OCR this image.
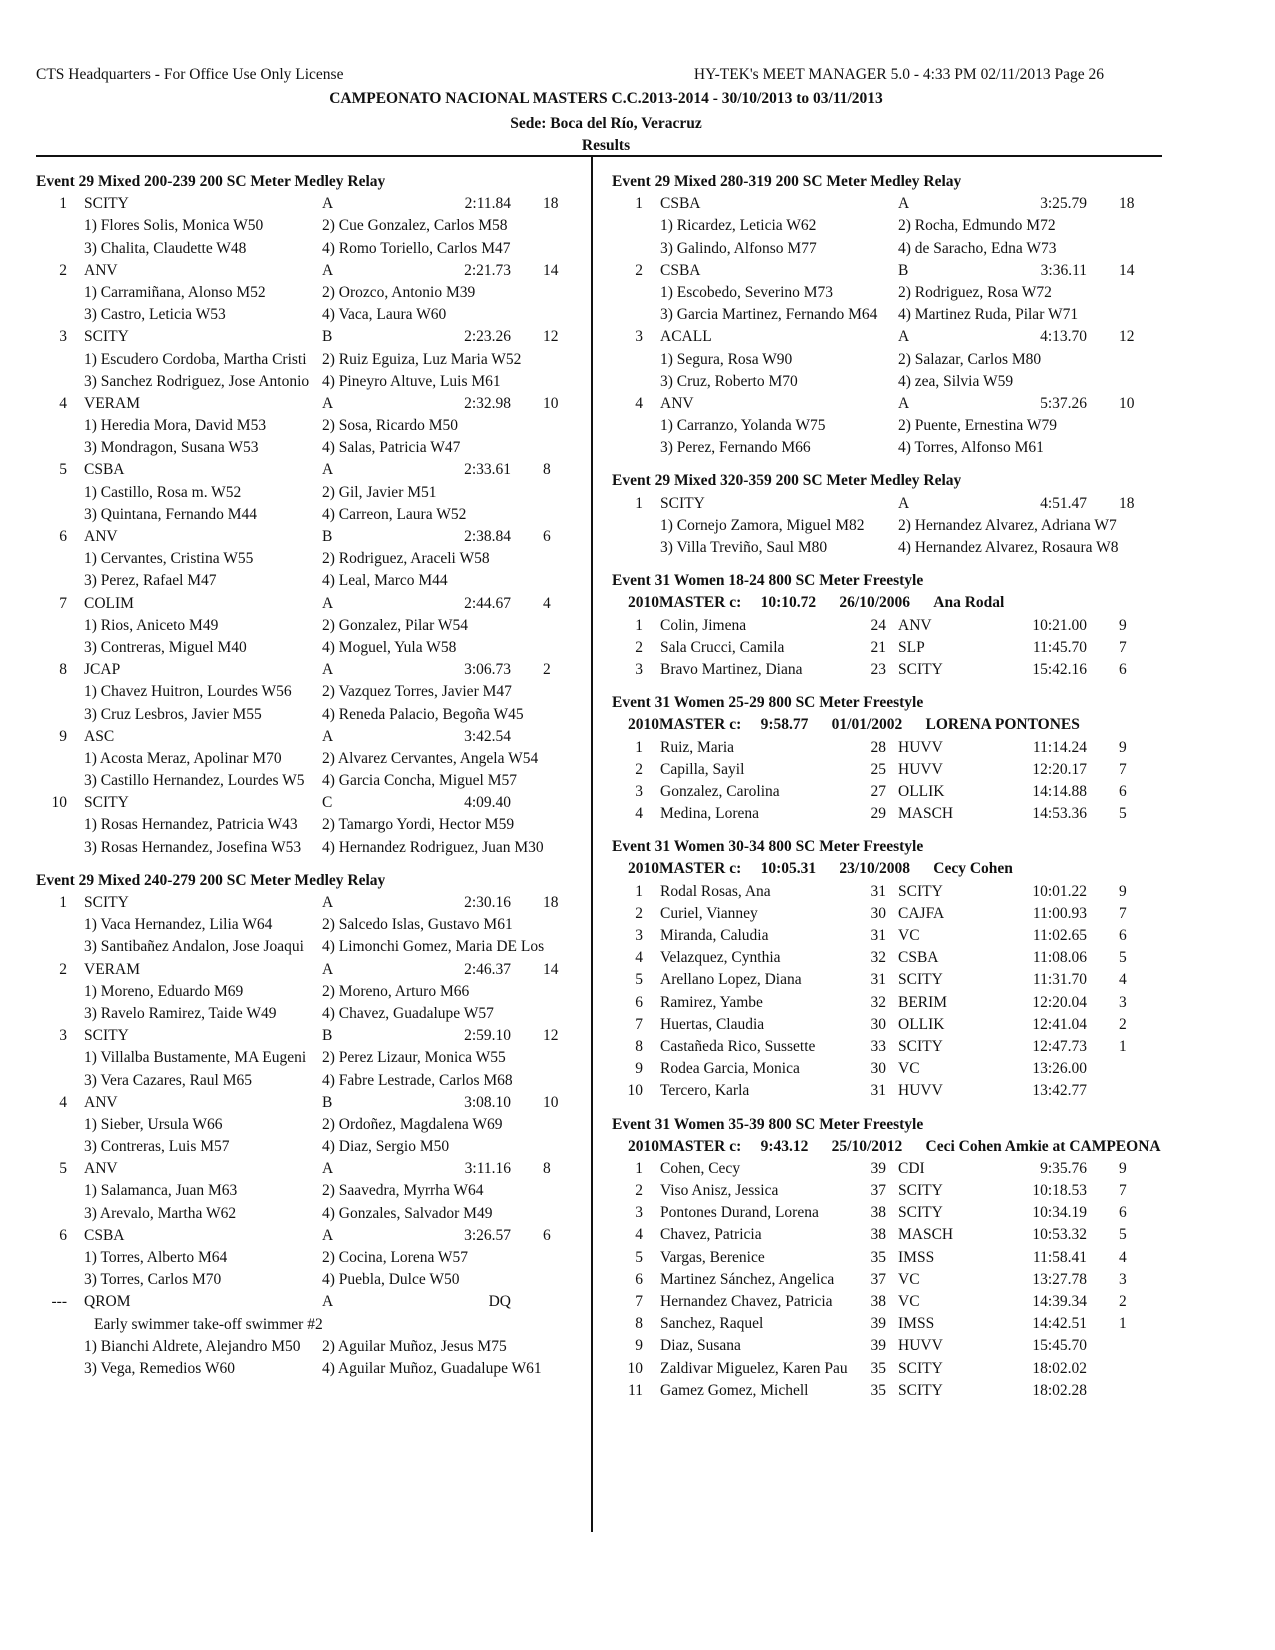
CTS Headquarters - For Office Use Only License	HY-TEK's MEET MANAGER 5.0 - 4:33 PM 02/11/2013 Page 26
CAMPEONATO NACIONAL MASTERS C.C.2013-2014 - 30/10/2013 to 03/11/2013
Sede: Boca del Río, Veracruz
Results
Event 29 Mixed 200-239 200 SC Meter Medley Relay
1 SCITY	A	2:11.84 18
1) Flores Solis, Monica W50	2) Cue Gonzalez, Carlos M58
3) Chalita, Claudette W48	4) Romo Toriello, Carlos M47
2 ANV	A	2:21.73 14
1) Carramiñana, Alonso M52	2) Orozco, Antonio M39
3) Castro, Leticia W53	4) Vaca, Laura W60
3 SCITY	B	2:23.26 12
1) Escudero Cordoba, Martha Cristi 2) Ruiz Eguiza, Luz Maria W52
3) Sanchez Rodriguez, Jose Antonio 4) Pineyro Altuve, Luis M61
4 VERAM	A	2:32.98 10
1) Heredia Mora, David M53	2) Sosa, Ricardo M50
3) Mondragon, Susana W53	4) Salas, Patricia W47
5 CSBA	A	2:33.61 8
1) Castillo, Rosa m. W52	2) Gil, Javier M51
3) Quintana, Fernando M44	4) Carreon, Laura W52
6 ANV	B	2:38.84 6
1) Cervantes, Cristina W55	2) Rodriguez, Araceli W58
3) Perez, Rafael M47	4) Leal, Marco M44
7 COLIM	A	2:44.67 4
1) Rios, Aniceto M49	2) Gonzalez, Pilar W54
3) Contreras, Miguel M40	4) Moguel, Yula W58
8 JCAP	A	3:06.73 2
1) Chavez Huitron, Lourdes W56	2) Vazquez Torres, Javier M47
3) Cruz Lesbros, Javier M55	4) Reneda Palacio, Begoña W45
9 ASC	A	3:42.54
1) Acosta Meraz, Apolinar M70	2) Alvarez Cervantes, Angela W54
3) Castillo Hernandez, Lourdes W5	4) Garcia Concha, Miguel M57
10 SCITY	C	4:09.40
1) Rosas Hernandez, Patricia W43	2) Tamargo Yordi, Hector M59
3) Rosas Hernandez, Josefina W53	4) Hernandez Rodriguez, Juan M30
Event 29 Mixed 240-279 200 SC Meter Medley Relay
1 SCITY	A	2:30.16 18
1) Vaca Hernandez, Lilia W64	2) Salcedo Islas, Gustavo M61
3) Santibañez Andalon, Jose Joaqui	4) Limonchi Gomez, Maria DE Los
2 VERAM	A	2:46.37 14
1) Moreno, Eduardo M69	2) Moreno, Arturo M66
3) Ravelo Ramirez, Taide W49	4) Chavez, Guadalupe W57
3 SCITY	B	2:59.10 12
1) Villalba Bustamente, MA Eugeni	2) Perez Lizaur, Monica W55
3) Vera Cazares, Raul M65	4) Fabre Lestrade, Carlos M68
4 ANV	B	3:08.10 10
1) Sieber, Ursula W66	2) Ordoñez, Magdalena W69
3) Contreras, Luis M57	4) Diaz, Sergio M50
5 ANV	A	3:11.16 8
1) Salamanca, Juan M63	2) Saavedra, Myrrha W64
3) Arevalo, Martha W62	4) Gonzales, Salvador M49
6 CSBA	A	3:26.57 6
1) Torres, Alberto M64	2) Cocina, Lorena W57
3) Torres, Carlos M70	4) Puebla, Dulce W50
--- QROM	A	DQ
Early swimmer take-off swimmer #2
1) Bianchi Aldrete, Alejandro M50	2) Aguilar Muñoz, Jesus M75
3) Vega, Remedios W60	4) Aguilar Muñoz, Guadalupe W61
Event 29 Mixed 280-319 200 SC Meter Medley Relay
1 CSBA	A	3:25.79 18
1) Ricardez, Leticia W62	2) Rocha, Edmundo M72
3) Galindo, Alfonso M77	4) de Saracho, Edna W73
2 CSBA	B	3:36.11 14
1) Escobedo, Severino M73	2) Rodriguez, Rosa W72
3) Garcia Martinez, Fernando M64	4) Martinez Ruda, Pilar W71
3 ACALL	A	4:13.70 12
1) Segura, Rosa W90	2) Salazar, Carlos M80
3) Cruz, Roberto M70	4) zea, Silvia W59
4 ANV	A	5:37.26 10
1) Carranzo, Yolanda W75	2) Puente, Ernestina W79
3) Perez, Fernando M66	4) Torres, Alfonso M61
Event 29 Mixed 320-359 200 SC Meter Medley Relay
1 SCITY	A	4:51.47 18
1) Cornejo Zamora, Miguel M82	2) Hernandez Alvarez, Adriana W7
3) Villa Treviño, Saul M80	4) Hernandez Alvarez, Rosaura W8
Event 31 Women 18-24 800 SC Meter Freestyle
2010MASTER c: 10:10.72 26/10/2006 Ana Rodal
1 Colin, Jimena	24 ANV	10:21.00 9
2 Sala Crucci, Camila	21 SLP	11:45.70 7
3 Bravo Martinez, Diana	23 SCITY	15:42.16 6
Event 31 Women 25-29 800 SC Meter Freestyle
2010MASTER c: 9:58.77 01/01/2002 LORENA PONTONES
1 Ruiz, Maria	28 HUVV	11:14.24 9
2 Capilla, Sayil	25 HUVV	12:20.17 7
3 Gonzalez, Carolina	27 OLLIK	14:14.88 6
4 Medina, Lorena	29 MASCH	14:53.36 5
Event 31 Women 30-34 800 SC Meter Freestyle
2010MASTER c: 10:05.31 23/10/2008 Cecy Cohen
1 Rodal Rosas, Ana	31 SCITY	10:01.22 9
2 Curiel, Vianney	30 CAJFA	11:00.93 7
3 Miranda, Caludia	31 VC	11:02.65 6
4 Velazquez, Cynthia	32 CSBA	11:08.06 5
5 Arellano Lopez, Diana	31 SCITY	11:31.70 4
6 Ramirez, Yambe	32 BERIM	12:20.04 3
7 Huertas, Claudia	30 OLLIK	12:41.04 2
8 Castañeda Rico, Sussette	33 SCITY	12:47.73 1
9 Rodea Garcia, Monica	30 VC	13:26.00
10 Tercero, Karla	31 HUVV	13:42.77
Event 31 Women 35-39 800 SC Meter Freestyle
2010MASTER c: 9:43.12 25/10/2012 Ceci Cohen Amkie at CAMPEONA
1 Cohen, Cecy	39 CDI	9:35.76 9
2 Viso Anisz, Jessica	37 SCITY	10:18.53 7
3 Pontones Durand, Lorena	38 SCITY	10:34.19 6
4 Chavez, Patricia	38 MASCH	10:53.32 5
5 Vargas, Berenice	35 IMSS	11:58.41 4
6 Martinez Sánchez, Angelica	37 VC	13:27.78 3
7 Hernandez Chavez, Patricia	38 VC	14:39.34 2
8 Sanchez, Raquel	39 IMSS	14:42.51 1
9 Diaz, Susana	39 HUVV	15:45.70
10 Zaldivar Miguelez, Karen Pau	35 SCITY	18:02.02
11 Gamez Gomez, Michell	35 SCITY	18:02.28
